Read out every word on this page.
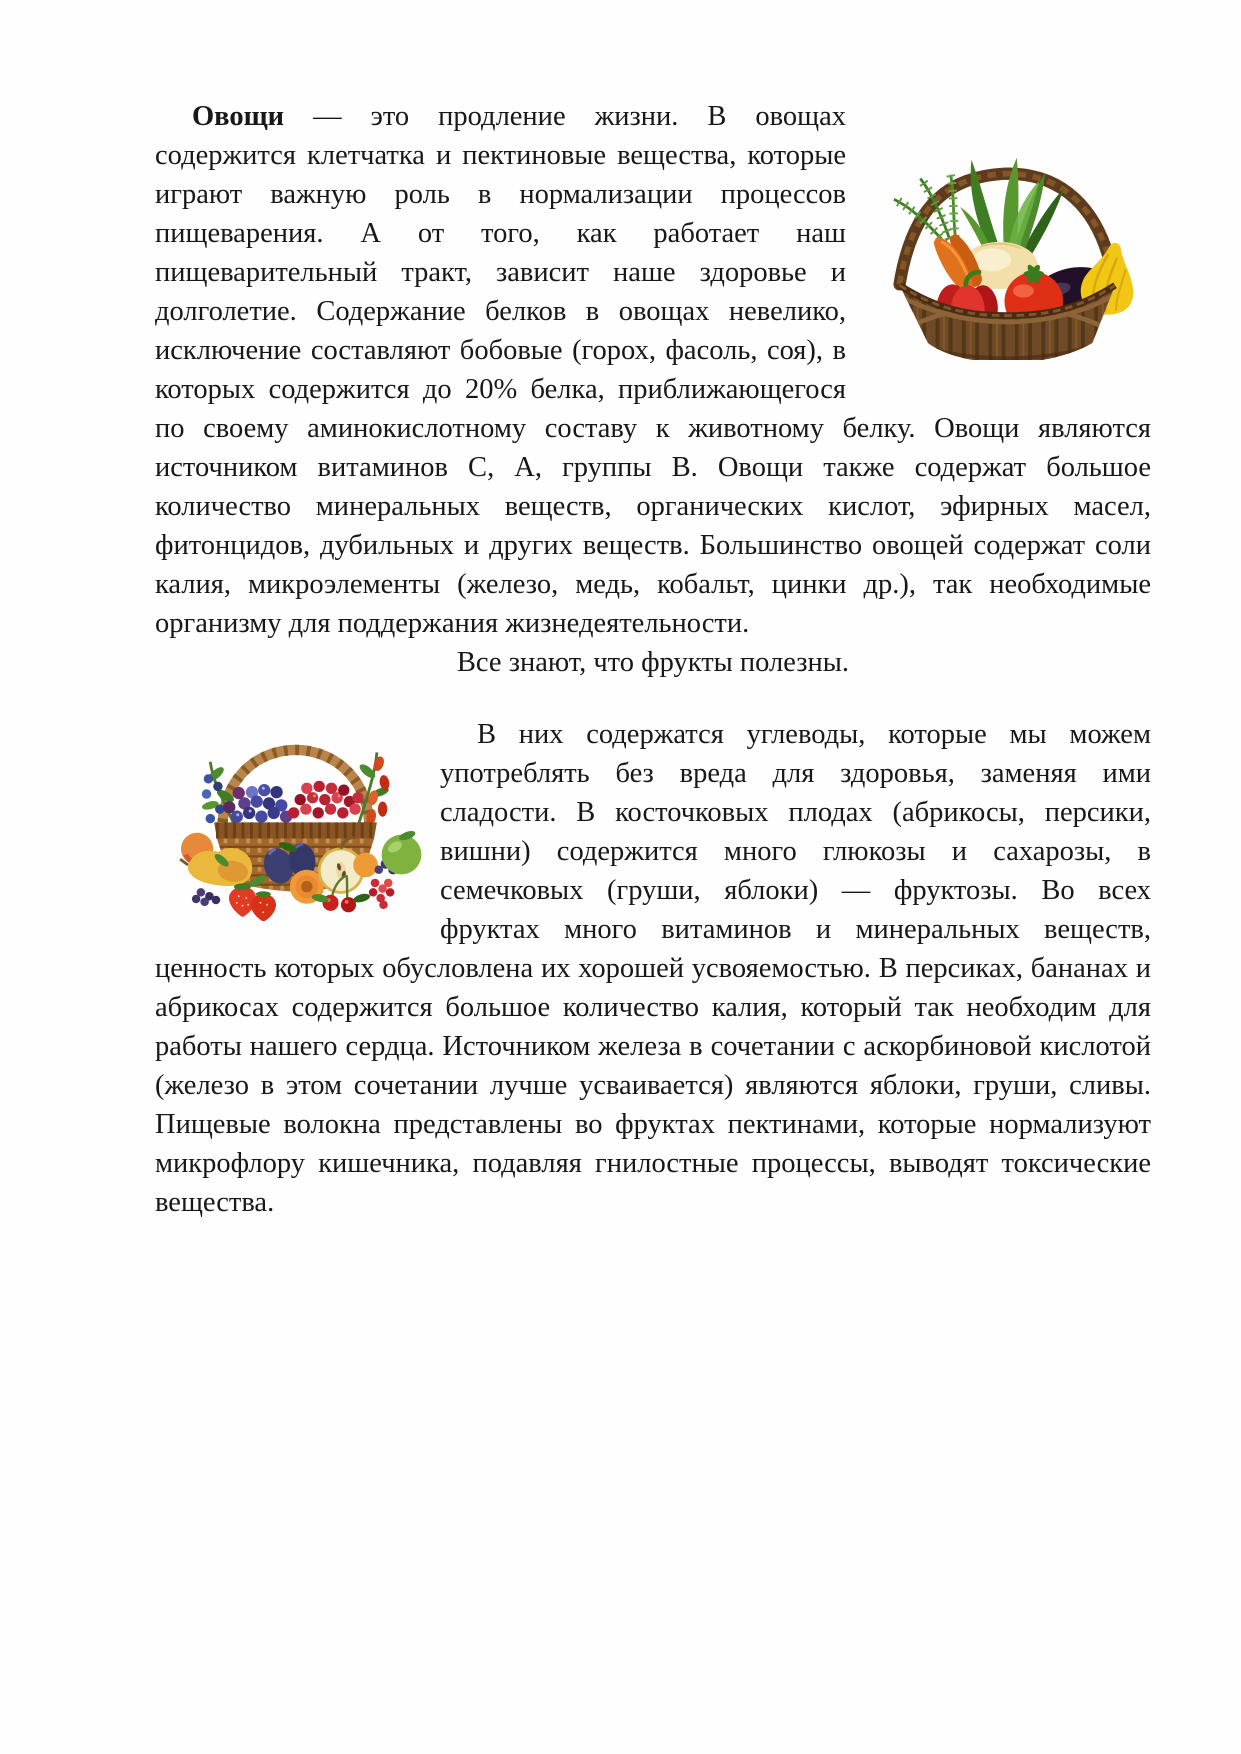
Овощи — это продление жизни. В овощах содержится клетчатка и пектиновые вещества, которые играют важную роль в нормализации процессов пищеварения. А от того, как работает наш пищеварительный тракт, зависит наше здоровье и долголетие. Содержание белков в овощах невелико, исключение составляют бобовые (горох, фасоль, соя), в которых содержится до 20% белка, приближающегося по своему аминокислотному составу к животному белку. Овощи являются источником витаминов С, А, группы В. Овощи также содержат большое количество минеральных веществ, органических кислот, эфирных масел, фитонцидов, дубильных и других веществ. Большинство овощей содержат соли калия, микроэлементы (железо, медь, кобальт, цинки др.), так необходимые организму для поддержания жизнедеятельности.

Все знают, что фрукты полезны.

В них содержатся углеводы, которые мы можем употреблять без вреда для здоровья, заменяя ими сладости. В косточковых плодах (абрикосы, персики, вишни) содержится много глюкозы и сахарозы, в семечковых (груши, яблоки) — фруктозы. Во всех фруктах много витаминов и минеральных веществ, ценность которых обусловлена их хорошей усвояемостью. В персиках, бананах и абрикосах содержится большое количество калия, который так необходим для работы нашего сердца. Источником железа в сочетании с аскорбиновой кислотой (железо в этом сочетании лучше усваивается) являются яблоки, груши, сливы. Пищевые волокна представлены во фруктах пектинами, которые нормализуют микрофлору кишечника, подавляя гнилостные процессы, выводят токсические вещества.
